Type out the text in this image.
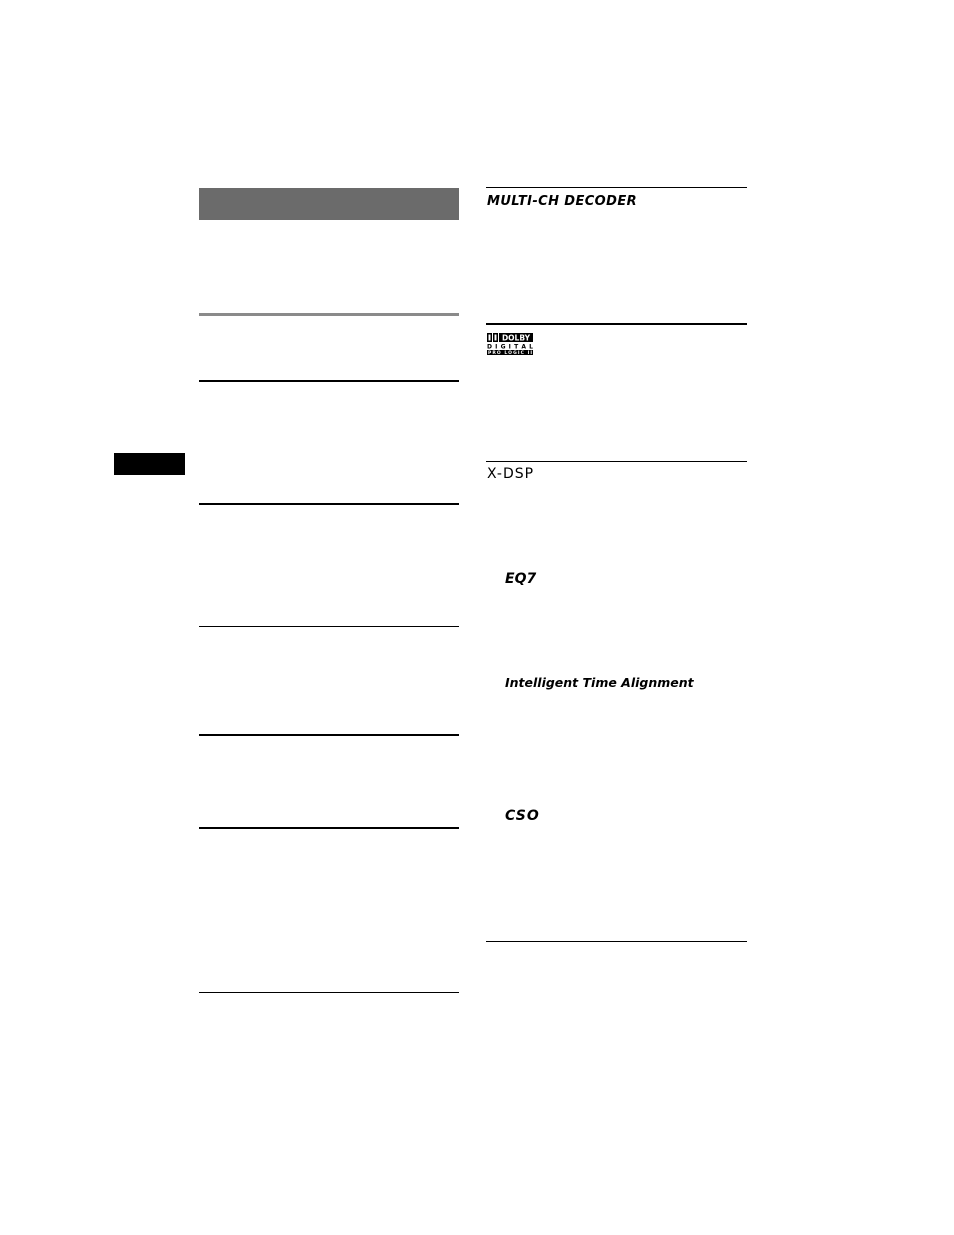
MULTI-CH DECODER
DOLBY
D I G I T A L
PRO LOGIC II
X-DSP
EQ7
Intelligent Time Alignment
CSO
